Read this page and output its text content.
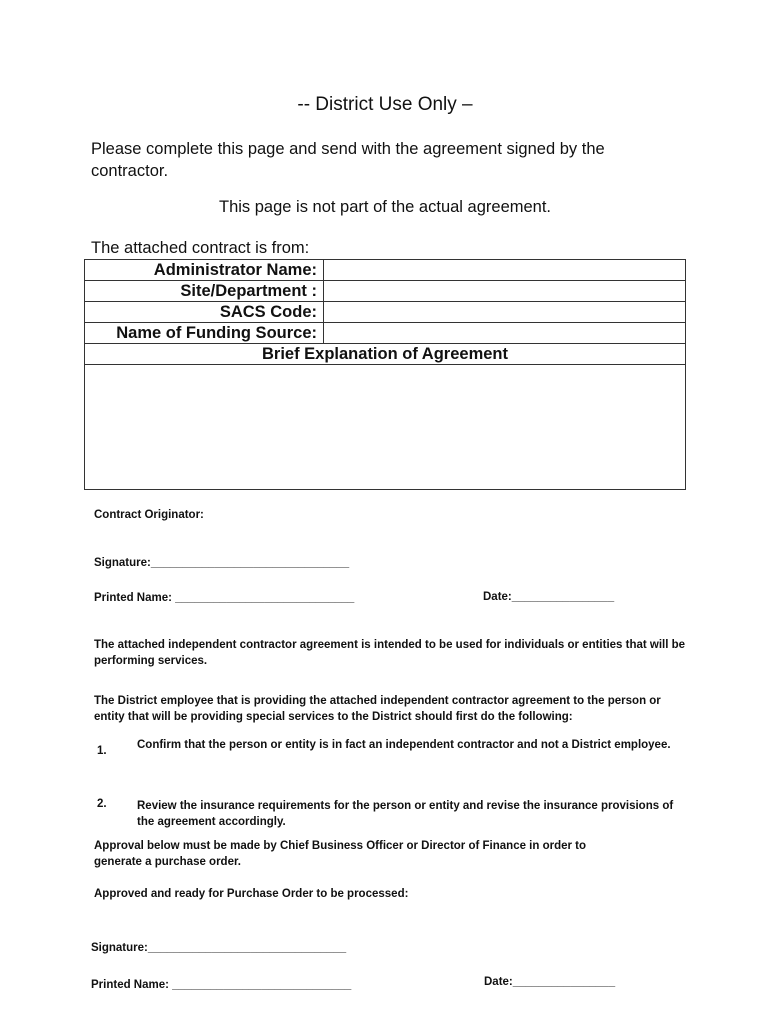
-- District Use Only –
Please complete this page and send with the agreement signed by the contractor.
This page is not part of the actual agreement.
The attached contract is from:
Administrator Name:	
Site/Department :	
SACS Code:	
Name of Funding Source:	
Brief Explanation of Agreement	

Contract Originator:
Signature:_______________________________
Printed Name: ____________________________	Date:________________
The attached independent contractor agreement is intended to be used for individuals or entities that will be performing services.
The District employee that is providing the attached independent contractor agreement to the person or entity that will be providing special services to the District should first do the following:
1.	Confirm that the person or entity is in fact an independent contractor and not a District employee.
2.	Review the insurance requirements for the person or entity and revise the insurance provisions of the agreement accordingly.
Approval below must be made by Chief Business Officer or Director of Finance in order to generate a purchase order.
Approved and ready for Purchase Order to be processed:
Signature:_______________________________
Printed Name: ____________________________	Date:________________
